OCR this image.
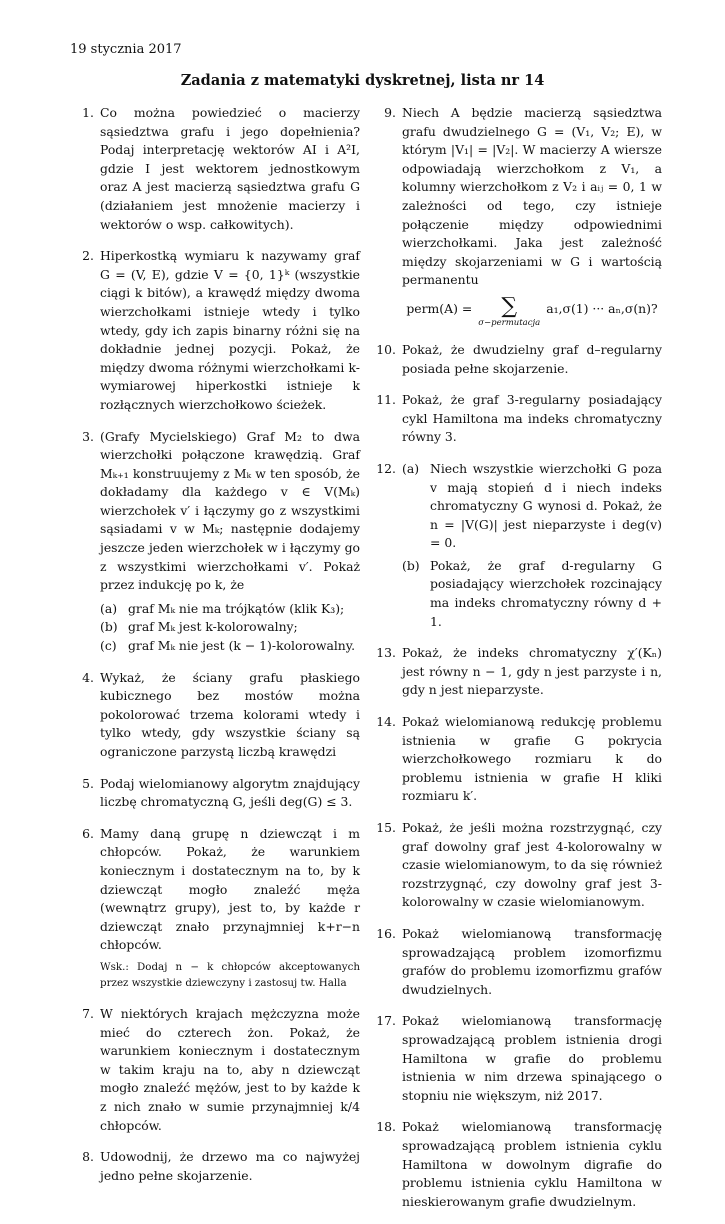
19 stycznia 2017
Zadania z matematyki dyskretnej, lista nr 14
1. Co można powiedzieć o macierzy sąsiedztwa grafu i jego dopełnienia? Podaj interpretację wektorów AI i A²I, gdzie I jest wektorem jednostkowym oraz A jest macierzą sąsiedztwa grafu G (działaniem jest mnożenie macierzy i wektorów o wsp. całkowitych).
2. Hiperkostką wymiaru k nazywamy graf G = (V, E), gdzie V = {0, 1}ᵏ (wszystkie ciągi k bitów), a krawędź między dwoma wierzchołkami istnieje wtedy i tylko wtedy, gdy ich zapis binarny różni się na dokładnie jednej pozycji. Pokaż, że między dwoma różnymi wierzchołkami k-wymiarowej hiperkostki istnieje k rozłącznych wierzchołkowo ścieżek.
3. (Grafy Mycielskiego) Graf M₂ to dwa wierzchołki połączone krawędzią. Graf Mₖ₊₁ konstruujemy z Mₖ w ten sposób, że dokładamy dla każdego v ∈ V(Mₖ) wierzchołek v′ i łączymy go z wszystkimi sąsiadami v w Mₖ; następnie dodajemy jeszcze jeden wierzchołek w i łączymy go z wszystkimi wierzchołkami v′. Pokaż przez indukcję po k, że
(a) graf Mₖ nie ma trójkątów (klik K₃);
(b) graf Mₖ jest k-kolorowalny;
(c) graf Mₖ nie jest (k − 1)-kolorowalny.
4. Wykaż, że ściany grafu płaskiego kubicznego bez mostów można pokolorować trzema kolorami wtedy i tylko wtedy, gdy wszystkie ściany są ograniczone parzystą liczbą krawędzi
5. Podaj wielomianowy algorytm znajdujący liczbę chromatyczną G, jeśli deg(G) ≤ 3.
6. Mamy daną grupę n dziewcząt i m chłopców. Pokaż, że warunkiem koniecznym i dostatecznym na to, by k dziewcząt mogło znaleźć męża (wewnątrz grupy), jest to, by każde r dziewcząt znało przynajmniej k+r−n chłopców.
Wsk.: Dodaj n − k chłopców akceptowanych przez wszystkie dziewczyny i zastosuj tw. Halla
7. W niektórych krajach mężczyzna może mieć do czterech żon. Pokaż, że warunkiem koniecznym i dostatecznym w takim kraju na to, aby n dziewcząt mogło znaleźć mężów, jest to by każde k z nich znało w sumie przynajmniej k/4 chłopców.
8. Udowodnij, że drzewo ma co najwyżej jedno pełne skojarzenie.
9. Niech A będzie macierzą sąsiedztwa grafu dwudzielnego G = (V₁, V₂; E), w którym |V₁| = |V₂|. W macierzy A wiersze odpowiadają wierzchołkom z V₁, a kolumny wierzchołkom z V₂ i aᵢⱼ = 0, 1 w zależności od tego, czy istnieje połączenie między odpowiednimi wierzchołkami. Jaka jest zależność między skojarzeniami w G i wartością permanentu
perm(A) = ∑
σ−permutacja
a₁,σ(1) ··· aₙ,σ(n)?
10. Pokaż, że dwudzielny graf d–regularny posiada pełne skojarzenie.
11. Pokaż, że graf 3-regularny posiadający cykl Hamiltona ma indeks chromatyczny równy 3.
12. (a) Niech wszystkie wierzchołki G poza v mają stopień d i niech indeks chromatyczny G wynosi d. Pokaż, że n = |V(G)| jest nieparzyste i deg(v) = 0.
(b) Pokaż, że graf d-regularny G posiadający wierzchołek rozcinający ma indeks chromatyczny równy d + 1.
13. Pokaż, że indeks chromatyczny χ′(Kₙ) jest równy n − 1, gdy n jest parzyste i n, gdy n jest nieparzyste.
14. Pokaż wielomianową redukcję problemu istnienia w grafie G pokrycia wierzchołkowego rozmiaru k do problemu istnienia w grafie H kliki rozmiaru k′.
15. Pokaż, że jeśli można rozstrzygnąć, czy graf dowolny graf jest 4-kolorowalny w czasie wielomianowym, to da się również rozstrzygnąć, czy dowolny graf jest 3-kolorowalny w czasie wielomianowym.
16. Pokaż wielomianową transformację sprowadzającą problem izomorfizmu grafów do problemu izomorfizmu grafów dwudzielnych.
17. Pokaż wielomianową transformację sprowadzającą problem istnienia drogi Hamiltona w grafie do problemu istnienia w nim drzewa spinającego o stopniu nie większym, niż 2017.
18. Pokaż wielomianową transformację sprowadzającą problem istnienia cyklu Hamiltona w dowolnym digrafie do problemu istnienia cyklu Hamiltona w nieskierowanym grafie dwudzielnym.
